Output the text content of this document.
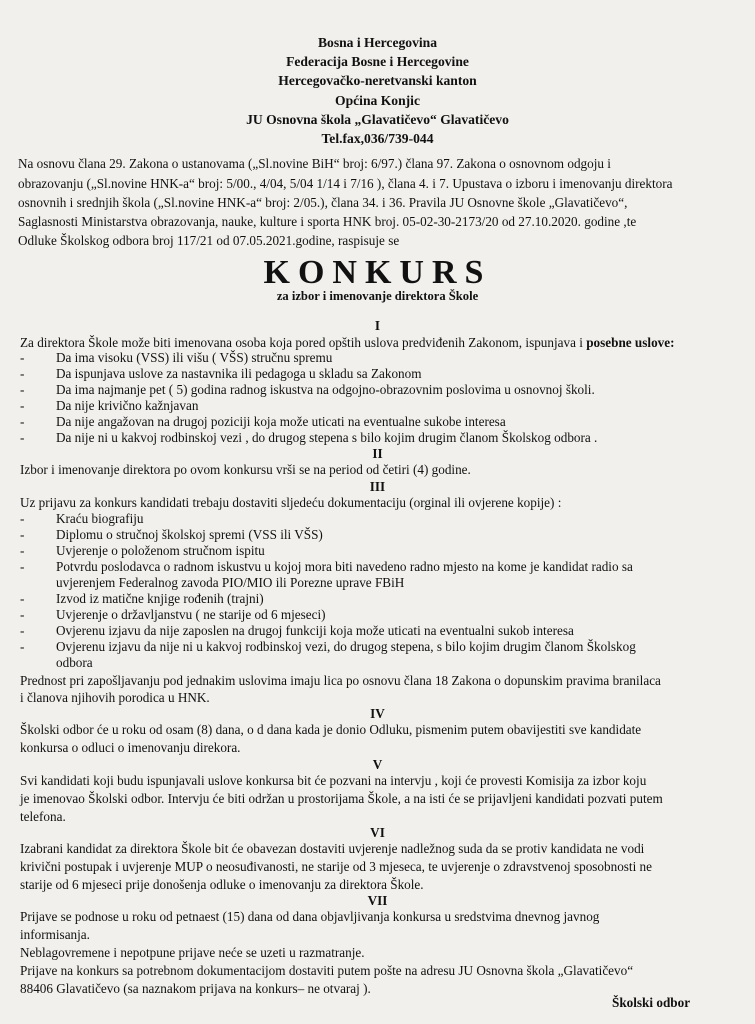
Bosna i Hercegovina
Federacija Bosne i Hercegovine
Hercegovačko-neretvanski kanton
Općina Konjic
JU Osnovna škola „Glavatičevo“ Glavatičevo
Tel.fax,036/739-044
Na osnovu člana 29. Zakona o ustanovama („Sl.novine BiH“ broj: 6/97.) člana 97. Zakona o osnovnom odgoju i
obrazovanju („Sl.novine HNK-a“ broj: 5/00., 4/04, 5/04 1/14 i 7/16 ), člana 4. i 7. Upustava o izboru i imenovanju direktora
osnovnih i srednjih škola („Sl.novine HNK-a“ broj: 2/05.), člana 34. i 36. Pravila JU Osnovne škole „Glavatičevo“,
Saglasnosti Ministarstva obrazovanja, nauke, kulture i sporta HNK broj. 05-02-30-2173/20 od 27.10.2020. godine ,te
Odluke Školskog odbora broj 117/21 od 07.05.2021.godine, raspisuje se
KONKURS
za izbor i imenovanje direktora Škole
I
Za direktora Škole može biti imenovana osoba koja pored opštih uslova predviđenih Zakonom, ispunjava i posebne uslove:
- Da ima visoku (VSS) ili višu ( VŠS) stručnu spremu
- Da ispunjava uslove za nastavnika ili pedagoga u skladu sa Zakonom
- Da ima najmanje pet ( 5) godina radnog iskustva na odgojno-obrazovnim poslovima u osnovnoj školi.
- Da nije krivično kažnjavan
- Da nije angažovan na drugoj poziciji koja može uticati na eventualne sukobe interesa
- Da nije ni u kakvoj rodbinskoj vezi , do drugog stepena s bilo kojim drugim članom Školskog odbora .
II
Izbor i imenovanje direktora po ovom konkursu vrši se na period od četiri (4) godine.
III
Uz prijavu za konkurs kandidati trebaju dostaviti sljedeću dokumentaciju (orginal ili ovjerene kopije) :
- Kraću biografiju
- Diplomu o stručnoj školskoj spremi (VSS ili VŠS)
- Uvjerenje o položenom stručnom ispitu
- Potvrdu poslodavca o radnom iskustvu u kojoj mora biti navedeno radno mjesto na kome je kandidat radio sa
uvjerenjem Federalnog zavoda PIO/MIO ili Porezne uprave FBiH
- Izvod iz matične knjige rođenih (trajni)
- Uvjerenje o državljanstvu ( ne starije od 6 mjeseci)
- Ovjerenu izjavu da nije zaposlen na drugoj funkciji koja može uticati na eventualni sukob interesa
- Ovjerenu izjavu da nije ni u kakvoj rodbinskoj vezi, do drugog stepena, s bilo kojim drugim članom Školskog
odbora
Prednost pri zapošljavanju pod jednakim uslovima imaju lica po osnovu člana 18 Zakona o dopunskim pravima branilaca
i članova njihovih porodica u HNK.
IV
Školski odbor će u roku od osam (8) dana, o d dana kada je donio Odluku, pismenim putem obavijestiti sve kandidate
konkursa o odluci o imenovanju direkora.
V
Svi kandidati koji budu ispunjavali uslove konkursa bit će pozvani na intervju , koji će provesti Komisija za izbor koju
je imenovao Školski odbor. Intervju će biti održan u prostorijama Škole, a na isti će se prijavljeni kandidati pozvati putem
telefona.
VI
Izabrani kandidat za direktora Škole bit će obavezan dostaviti uvjerenje nadležnog suda da se protiv kandidata ne vodi
krivični postupak i uvjerenje MUP o neosuđivanosti, ne starije od 3 mjeseca, te uvjerenje o zdravstvenoj sposobnosti ne
starije od 6 mjeseci prije donošenja odluke o imenovanju za direktora Škole.
VII
Prijave se podnose u roku od petnaest (15) dana od dana objavljivanja konkursa u sredstvima dnevnog javnog
informisanja.
Neblagovremene i nepotpune prijave neće se uzeti u razmatranje.
Prijave na konkurs sa potrebnom dokumentacijom dostaviti putem pošte na adresu JU Osnovna škola „Glavatičevo“
88406 Glavatičevo (sa naznakom prijava na konkurs– ne otvaraj ).
Školski odbor
